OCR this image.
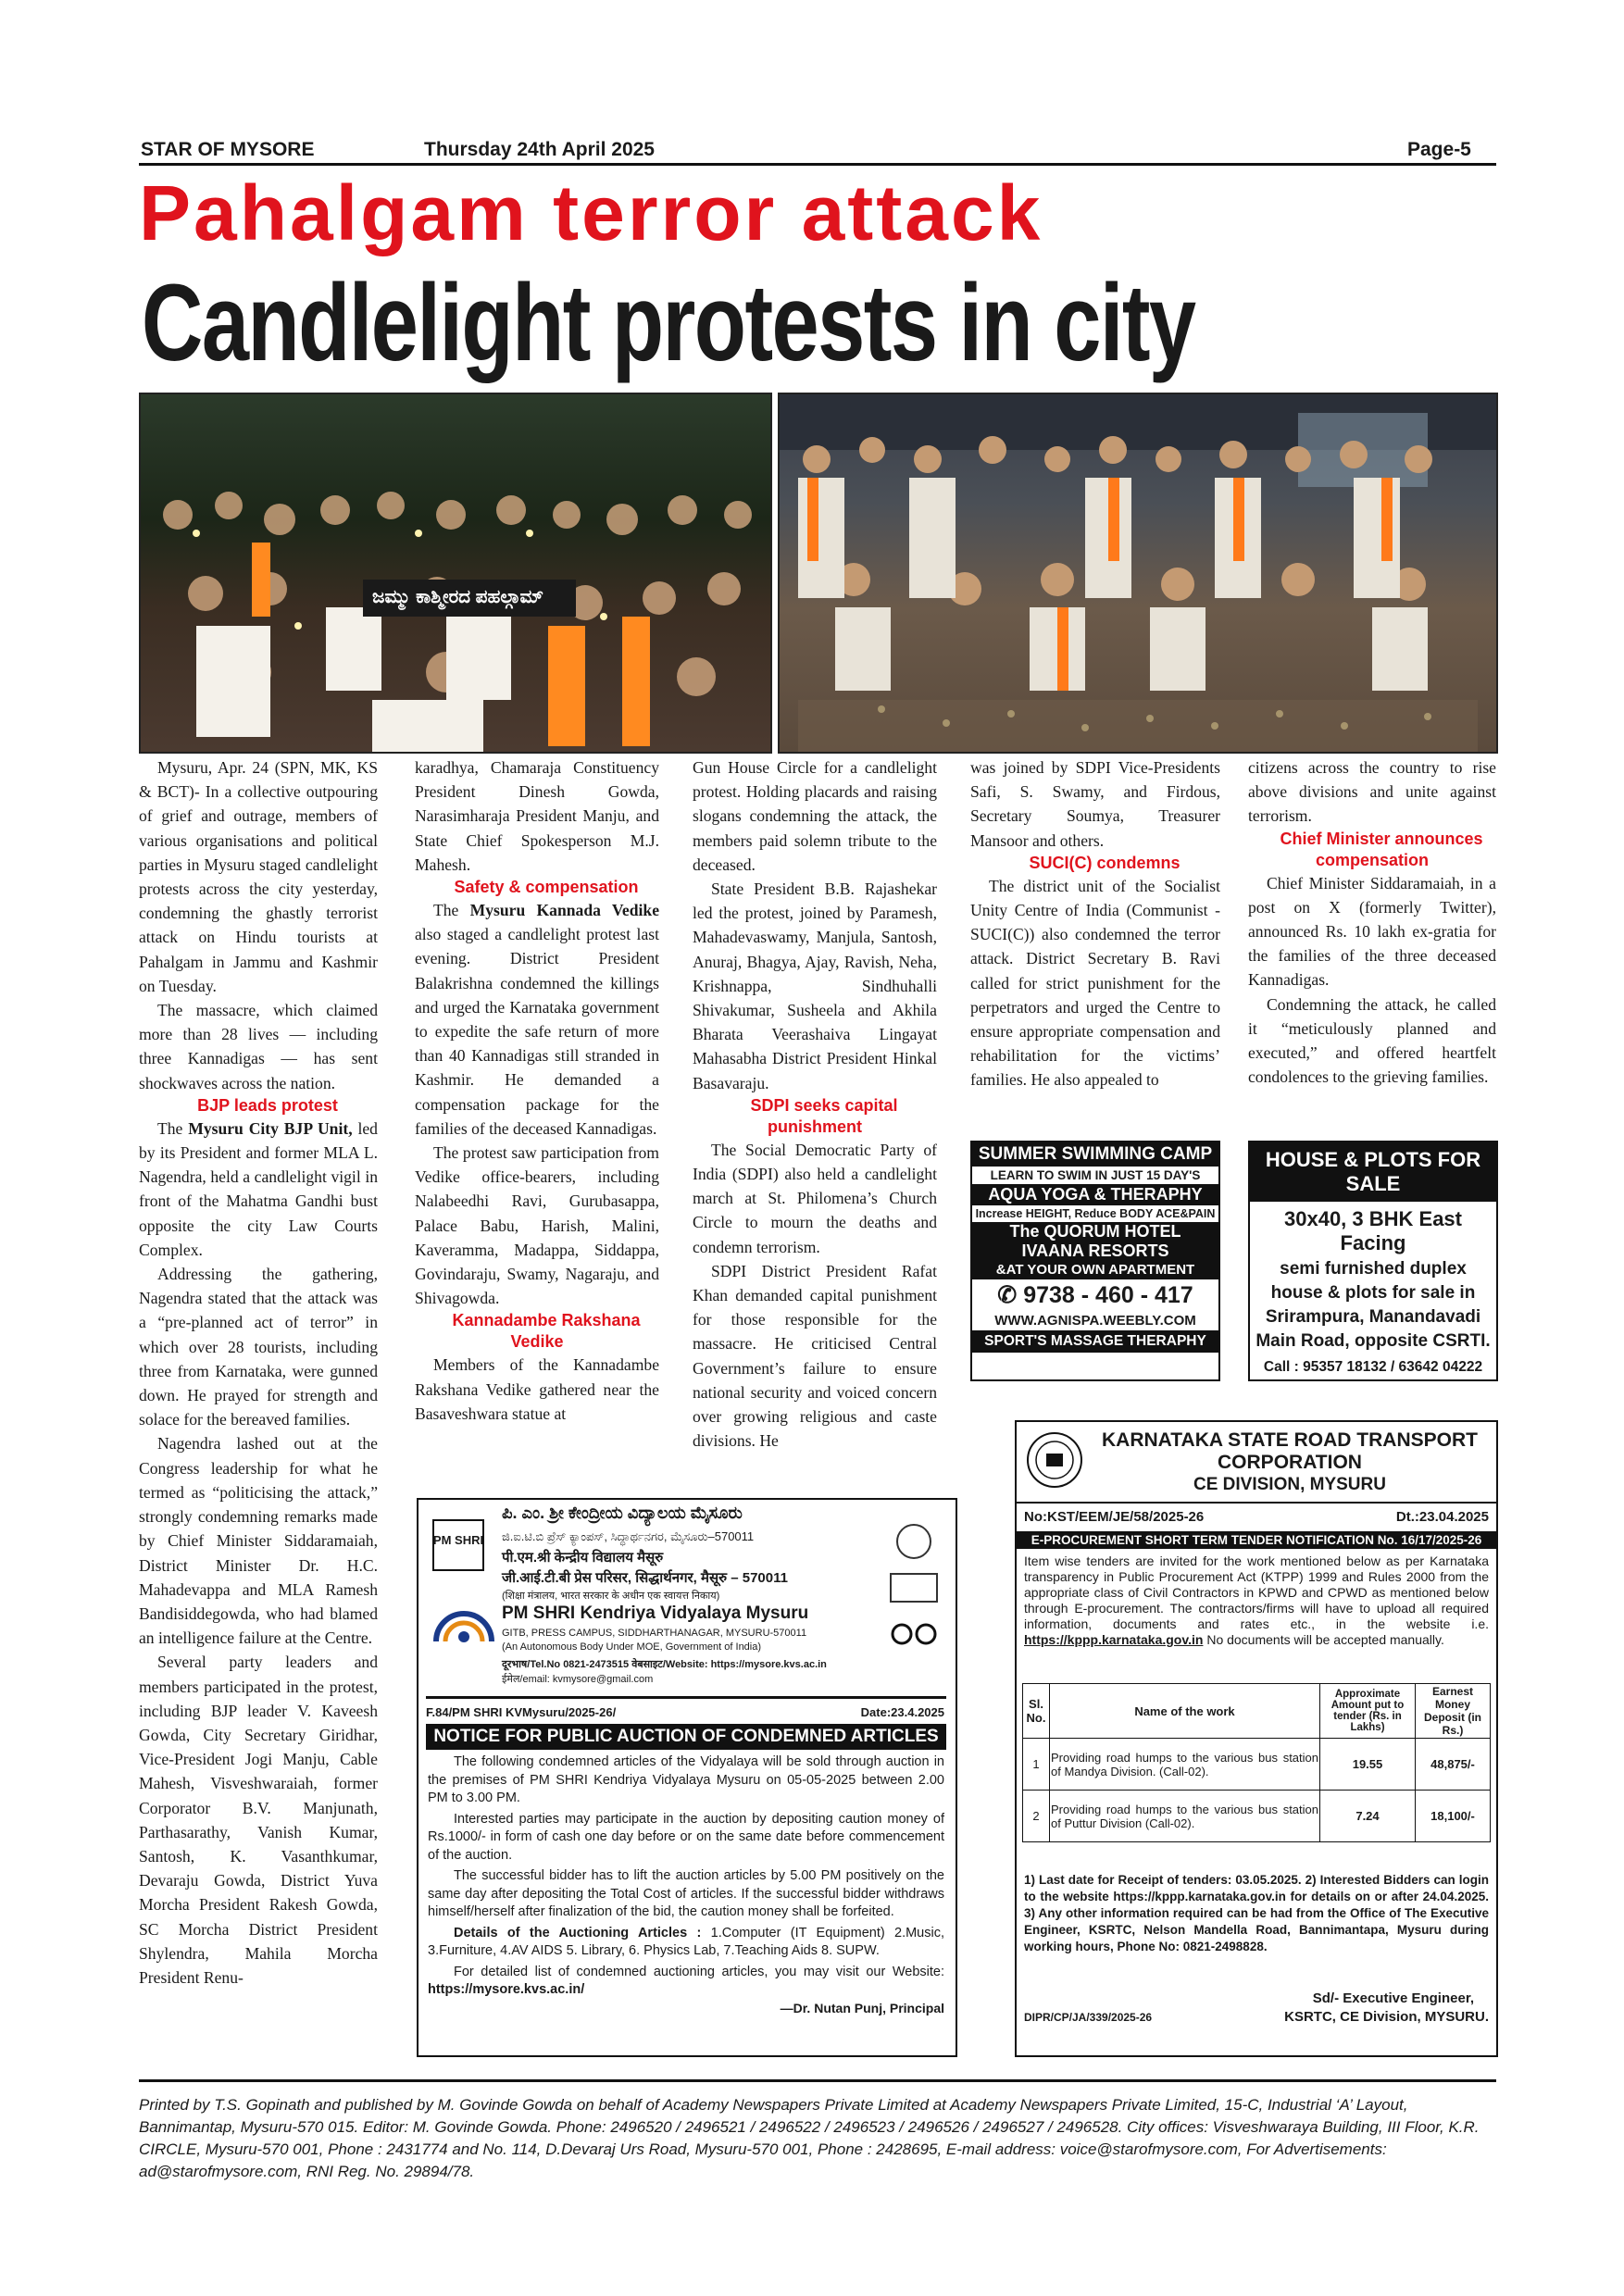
STAR OF MYSORE	Thursday 24th April 2025	Page-5
Pahalgam terror attack
Candlelight protests in city
ಜಮ್ಮು ಕಾಶ್ಮೀರದ ಪಹಲ್ಗಾಮ್

Mysuru, Apr. 24 (SPN, MK, KS & BCT)- In a collective outpouring of grief and outrage, members of various organisations and political parties in Mysuru staged candlelight protests across the city yesterday, condemning the ghastly terrorist attack on Hindu tourists at Pahalgam in Jammu and Kashmir on Tuesday.

The massacre, which claimed more than 28 lives — including three Kannadigas — has sent shockwaves across the nation.

BJP leads protest

The Mysuru City BJP Unit, led by its President and former MLA L. Nagendra, held a candlelight vigil in front of the Mahatma Gandhi bust opposite the city Law Courts Complex.

Addressing the gathering, Nagendra stated that the attack was a “pre-planned act of terror” in which over 28 tourists, including three from Karnataka, were gunned down. He prayed for strength and solace for the bereaved families.

Nagendra lashed out at the Congress leadership for what he termed as “politicising the attack,” strongly condemning remarks made by Chief Minister Siddaramaiah, District Minister Dr. H.C. Mahadevappa and MLA Ramesh Bandisiddegowda, who had blamed an intelligence failure at the Centre.

Several party leaders and members participated in the protest, including BJP leader V. Kaveesh Gowda, City Secretary Giridhar, Vice-President Jogi Manju, Cable Mahesh, Visveshwaraiah, former Corporator B.V. Manjunath, Parthasarathy, Vanish Kumar, Santosh, K. Vasanthkumar, Devaraju Gowda, District Yuva Morcha President Rakesh Gowda, SC Morcha District President Shylendra, Mahila Morcha President Renu-

karadhya, Chamaraja Constituency President Dinesh Gowda, Narasimharaja President Manju, and State Chief Spokesperson M.J. Mahesh.

Safety & compensation

The Mysuru Kannada Vedike also staged a candlelight protest last evening. District President Balakrishna condemned the killings and urged the Karnataka government to expedite the safe return of more than 40 Kannadigas still stranded in Kashmir. He demanded a compensation package for the families of the deceased Kannadigas.

The protest saw participation from Vedike office-bearers, including Nalabeedhi Ravi, Gurubasappa, Palace Babu, Harish, Malini, Kaveramma, Madappa, Siddappa, Govindaraju, Swamy, Nagaraju, and Shivagowda.

Kannadambe Rakshana Vedike

Members of the Kannadambe Rakshana Vedike gathered near the Basaveshwara statue at

Gun House Circle for a candlelight protest. Holding placards and raising slogans condemning the attack, the members paid solemn tribute to the deceased.

State President B.B. Rajashekar led the protest, joined by Paramesh, Mahadevaswamy, Manjula, Santosh, Anuraj, Bhagya, Ajay, Ravish, Neha, Krishnappa, Sindhuhalli Shivakumar, Susheela and Akhila Bharata Veerashaiva Lingayat Mahasabha District President Hinkal Basavaraju.

SDPI seeks capital punishment

The Social Democratic Party of India (SDPI) also held a candlelight march at St. Philomena’s Church Circle to mourn the deaths and condemn terrorism.

SDPI District President Rafat Khan demanded capital punishment for those responsible for the massacre. He criticised Central Government’s failure to ensure national security and voiced concern over growing religious and caste divisions. He

was joined by SDPI Vice-Presidents Safi, S. Swamy, and Firdous, Secretary Soumya, Treasurer Mansoor and others.

SUCI(C) condemns

The district unit of the Socialist Unity Centre of India (Communist - SUCI(C)) also condemned the terror attack. District Secretary B. Ravi called for strict punishment for the perpetrators and urged the Centre to ensure appropriate compensation and rehabilitation for the victims’ families. He also appealed to

citizens across the country to rise above divisions and unite against terrorism.

Chief Minister announces compensation

Chief Minister Siddaramaiah, in a post on X (formerly Twitter), announced Rs. 10 lakh ex-gratia for the families of the three deceased Kannadigas.

Condemning the attack, he called it “meticulously planned and executed,” and offered heartfelt condolences to the grieving families.

SUMMER SWIMMING CAMP
LEARN TO SWIM IN JUST 15 DAY'S
AQUA YOGA & THERAPHY
Increase HEIGHT, Reduce BODY ACE&PAIN
The QUORUM HOTEL
IVAANA RESORTS
&AT YOUR OWN APARTMENT
✆ 9738 - 460 - 417
WWW.AGNISPA.WEEBLY.COM
SPORT'S MASSAGE THERAPHY
HOUSE & PLOTS FOR SALE
30x40, 3 BHK East Facing
semi furnished duplex
house & plots for sale in
Srirampura, Manandavadi
Main Road, opposite CSRTI.
Call : 95357 18132 / 63642 04222
PM SHRI
ಪಿ. ಎಂ. ಶ್ರೀ ಕೇಂದ್ರೀಯ ವಿದ್ಯಾಲಯ ಮೈಸೂರು
ಜಿ.ಐ.ಟಿ.ಬಿ ಪ್ರೆಸ್ ಕ್ಯಾಂಪಸ್, ಸಿದ್ಧಾರ್ಥನಗರ, ಮೈಸೂರು–570011
पी.एम.श्री केन्द्रीय विद्यालय मैसूरु
जी.आई.टी.बी प्रेस परिसर, सिद्धार्थनगर, मैसूरु – 570011
(शिक्षा मंत्रालय, भारत सरकार के अधीन एक स्वायत्त निकाय)
PM SHRI Kendriya Vidyalaya Mysuru
GITB, PRESS CAMPUS, SIDDHARTHANAGAR, MYSURU-570011
(An Autonomous Body Under MOE, Government of India)
दूरभाष/Tel.No 0821-2473515 वेबसाइट/Website: https://mysore.kvs.ac.in
ईमेल/email: kvmysore@gmail.com
F.84/PM SHRI KVMysuru/2025-26/	Date:23.4.2025
NOTICE FOR PUBLIC AUCTION OF CONDEMNED ARTICLES

The following condemned articles of the Vidyalaya will be sold through auction in the premises of PM SHRI Kendriya Vidyalaya Mysuru on 05-05-2025 between 2.00 PM to 3.00 PM.

Interested parties may participate in the auction by depositing caution money of Rs.1000/- in form of cash one day before or on the same date before commencement of the auction.

The successful bidder has to lift the auction articles by 5.00 PM positively on the same day after depositing the Total Cost of articles. If the successful bidder withdraws himself/herself after finalization of the bid, the caution money shall be forfeited.

Details of the Auctioning Articles : 1.Computer (IT Equipment) 2.Music, 3.Furniture, 4.AV AIDS 5. Library, 6. Physics Lab, 7.Teaching Aids 8. SUPW.

For detailed list of condemned auctioning articles, you may visit our Website: https://mysore.kvs.ac.in/

—Dr. Nutan Punj, Principal

KARNATAKA STATE ROAD TRANSPORT
CORPORATION
CE DIVISION, MYSURU
No:KST/EEM/JE/58/2025-26	Dt.:23.04.2025
E-PROCUREMENT SHORT TERM TENDER NOTIFICATION No. 16/17/2025-26
Item wise tenders are invited for the work mentioned below as per Karnataka transparency in Public Procurement Act (KTPP) 1999 and Rules 2000 from the appropriate class of Civil Contractors in KPWD and CPWD as mentioned below through E-procurement. The contractors/firms will have to upload all required information, documents and rates etc., in the website i.e. https://kppp.karnataka.gov.in No documents will be accepted manually.
Sl. No.	Name of the work	Approximate Amount put to tender (Rs. in Lakhs)	Earnest Money Deposit (in Rs.)
1	Providing road humps to the various bus station of Mandya Division. (Call-02).	19.55	48,875/-
2	Providing road humps to the various bus station of Puttur Division (Call-02).	7.24	18,100/-
1) Last date for Receipt of tenders: 03.05.2025. 2) Interested Bidders can login to the website https://kppp.karnataka.gov.in for details on or after 24.04.2025. 3) Any other information required can be had from the Office of The Executive Engineer, KSRTC, Nelson Mandella Road, Bannimantapa, Mysuru during working hours, Phone No: 0821-2498828.
Sd/- Executive Engineer,
DIPR/CP/JA/339/2025-26	KSRTC, CE Division, MYSURU.
Printed by T.S. Gopinath and published by M. Govinde Gowda on behalf of Academy Newspapers Private Limited at Academy Newspapers Private Limited, 15-C, Industrial ‘A’ Layout, Bannimantap, Mysuru-570 015. Editor: M. Govinde Gowda. Phone: 2496520 / 2496521 / 2496522 / 2496523 / 2496526 / 2496527 / 2496528. City offices: Visveshwaraya Building, III Floor, K.R. CIRCLE, Mysuru-570 001, Phone : 2431774 and No. 114, D.Devaraj Urs Road, Mysuru-570 001, Phone : 2428695, E-mail address: voice@starofmysore.com, For Advertisements: ad@starofmysore.com, RNI Reg. No. 29894/78.
